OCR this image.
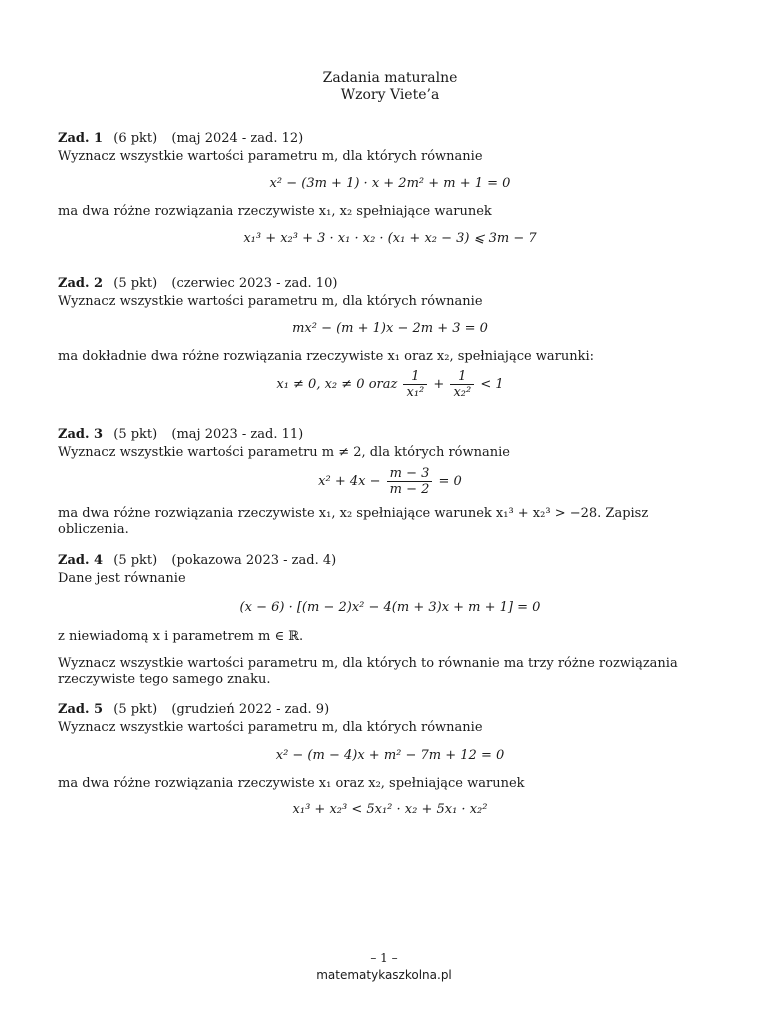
Zadania maturalne
Wzory Viete’a
Zad. 1 (6 pkt) (maj 2024 - zad. 12)
Wyznacz wszystkie wartości parametru m, dla których równanie
x² − (3m + 1) · x + 2m² + m + 1 = 0
ma dwa różne rozwiązania rzeczywiste x₁, x₂ spełniające warunek
x₁³ + x₂³ + 3 · x₁ · x₂ · (x₁ + x₂ − 3) ⩽ 3m − 7
Zad. 2 (5 pkt) (czerwiec 2023 - zad. 10)
Wyznacz wszystkie wartości parametru m, dla których równanie
mx² − (m + 1)x − 2m + 3 = 0
ma dokładnie dwa różne rozwiązania rzeczywiste x₁ oraz x₂, spełniające warunki:
x₁ ≠ 0, x₂ ≠ 0 oraz $\frac{1}{\text{x₁²}} + \frac{1}{\text{x₂²}} < 1$
Zad. 3 (5 pkt) (maj 2023 - zad. 11)
Wyznacz wszystkie wartości parametru m ≠ 2, dla których równanie
$x^2 + 4x - \frac{m - 3}{m - 2} = 0$
ma dwa różne rozwiązania rzeczywiste x₁, x₂ spełniające warunek x₁³ + x₂³ > −28. Zapisz obliczenia.
Zad. 4 (5 pkt) (pokazowa 2023 - zad. 4)
Dane jest równanie
(x − 6) · [(m − 2)x² − 4(m + 3)x + m + 1] = 0
z niewiadomą x i parametrem m ∈ ℝ.
Wyznacz wszystkie wartości parametru m, dla których to równanie ma trzy różne rozwiązania rzeczywiste tego samego znaku.
Zad. 5 (5 pkt) (grudzień 2022 - zad. 9)
Wyznacz wszystkie wartości parametru m, dla których równanie
x² − (m − 4)x + m² − 7m + 12 = 0
ma dwa różne rozwiązania rzeczywiste x₁ oraz x₂, spełniające warunek
x₁³ + x₂³ < 5x₁² · x₂ + 5x₁ · x₂²
– 1 –
matematykaszkolna.pl
